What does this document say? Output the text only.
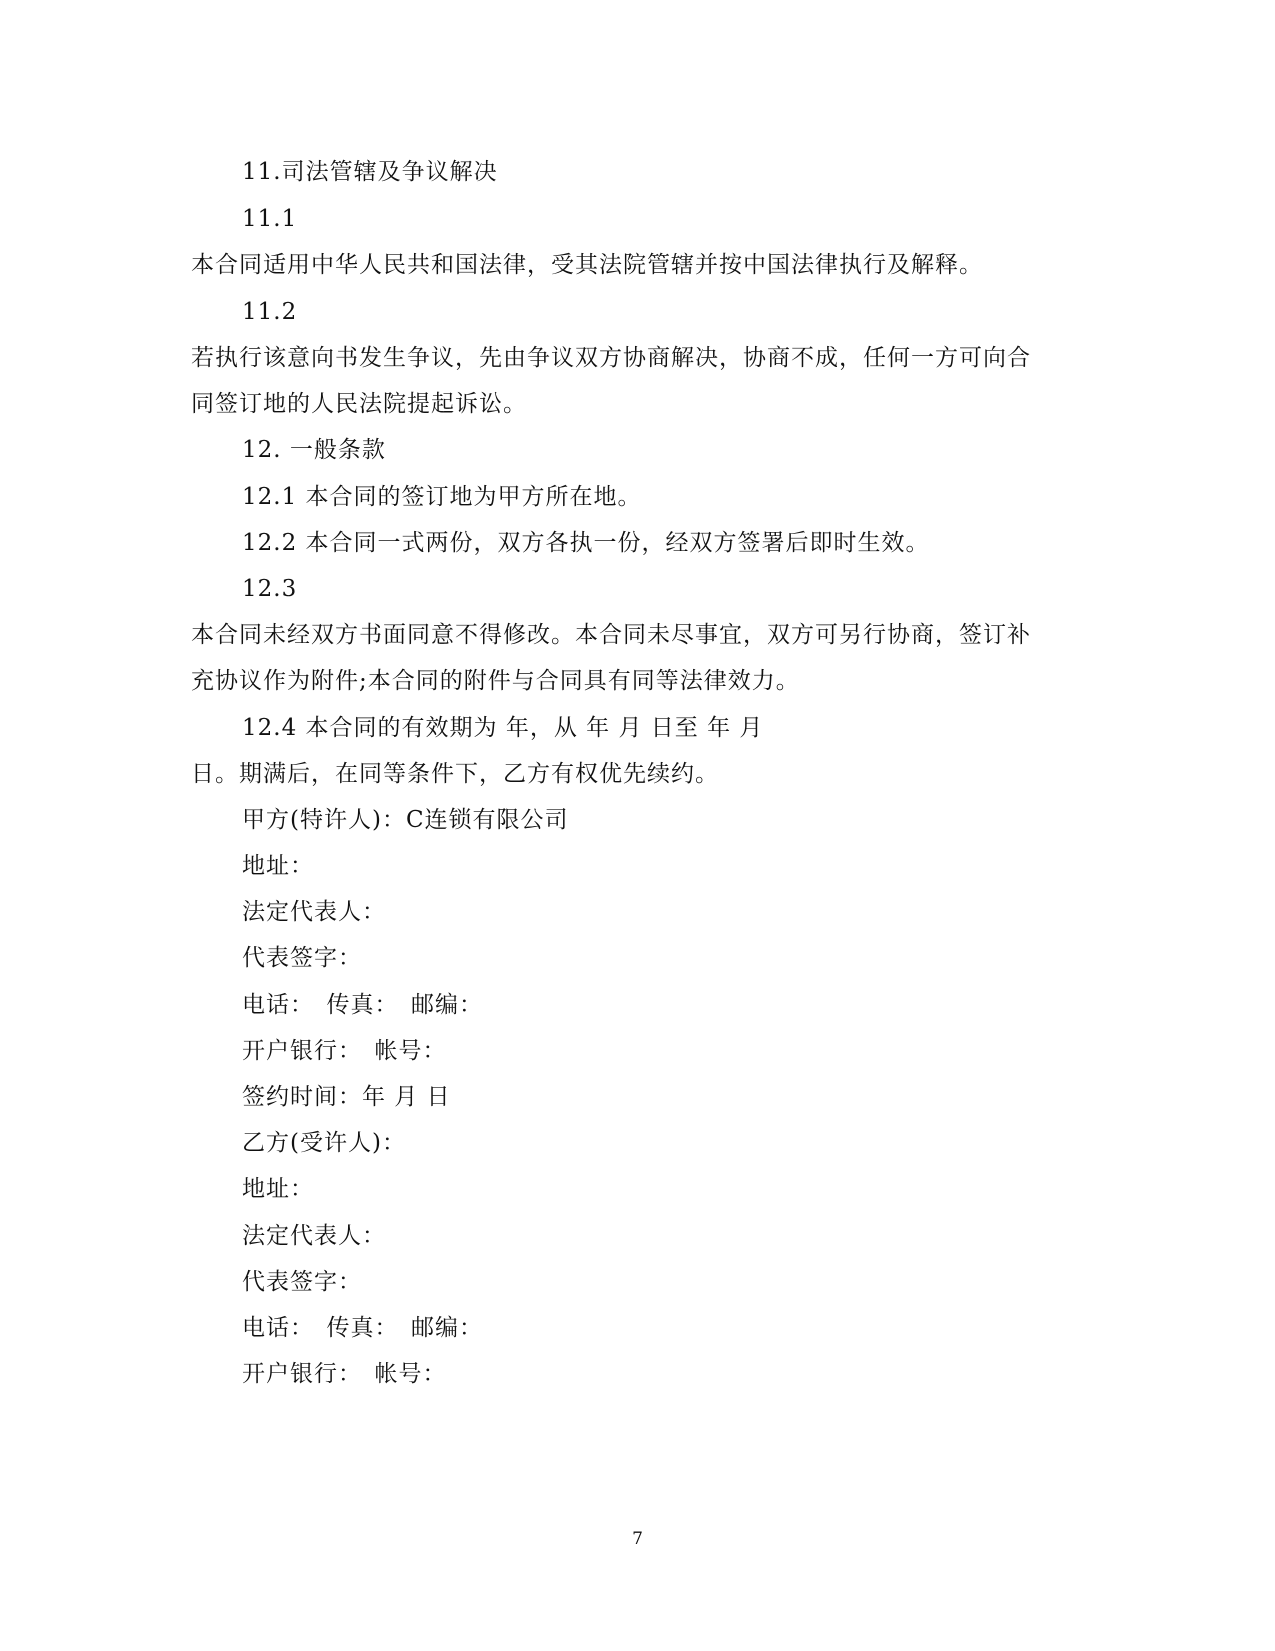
11.司法管辖及争议解决
11.1
本合同适用中华人民共和国法律，受其法院管辖并按中国法律执行及解释。
11.2
若执行该意向书发生争议，先由争议双方协商解决，协商不成，任何一方可向合
同签订地的人民法院提起诉讼。
12. 一般条款
12.1 本合同的签订地为甲方所在地。
12.2 本合同一式两份，双方各执一份，经双方签署后即时生效。
12.3
本合同未经双方书面同意不得修改。本合同未尽事宜，双方可另行协商，签订补
充协议作为附件;本合同的附件与合同具有同等法律效力。
12.4 本合同的有效期为 年，从 年 月 日至 年 月
日。期满后，在同等条件下，乙方有权优先续约。
甲方(特许人)：C连锁有限公司
地址：
法定代表人：
代表签字：
电话：　传真：　邮编：
开户银行：　帐号：
签约时间：年 月 日
乙方(受许人)：
地址：
法定代表人：
代表签字：
电话：　传真：　邮编：
开户银行：　帐号：
7
